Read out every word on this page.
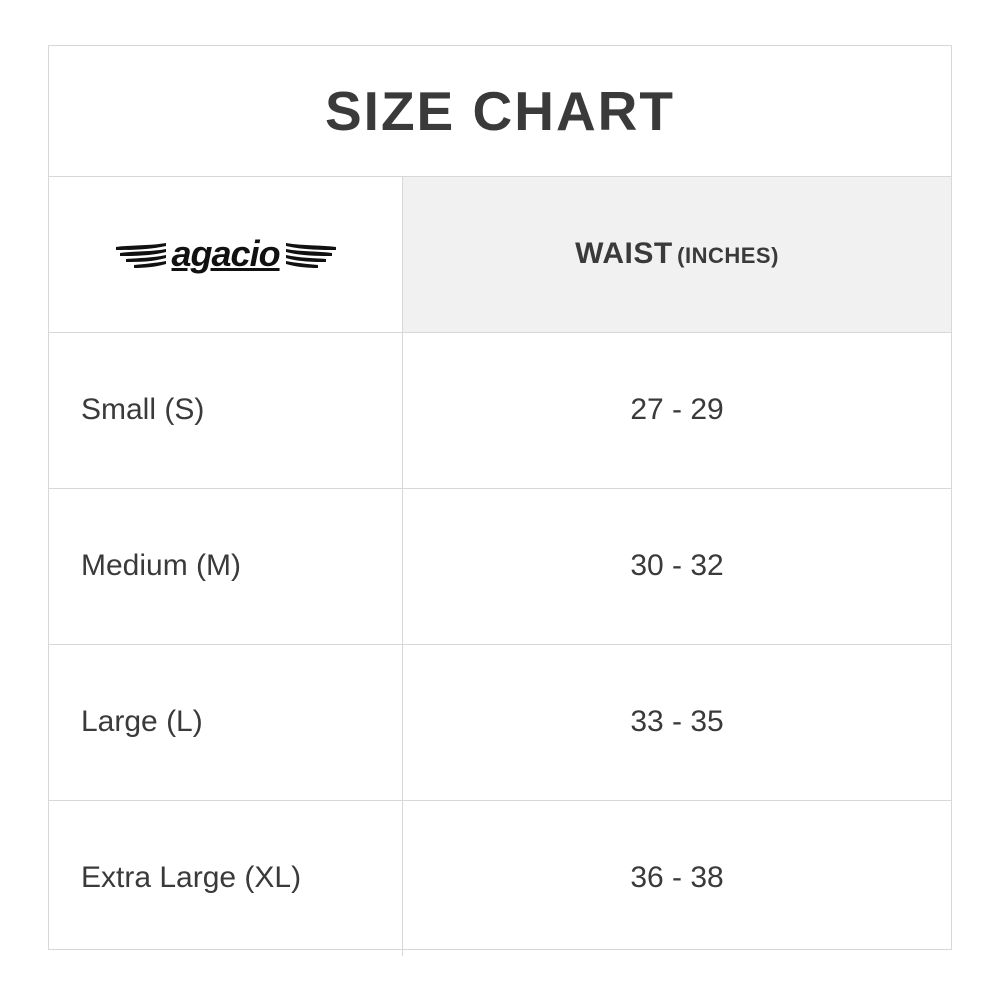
SIZE CHART
agacio	WAIST (INCHES)
Small (S)	27 - 29
Medium (M)	30 - 32
Large (L)	33 - 35
Extra Large (XL)	36 - 38
